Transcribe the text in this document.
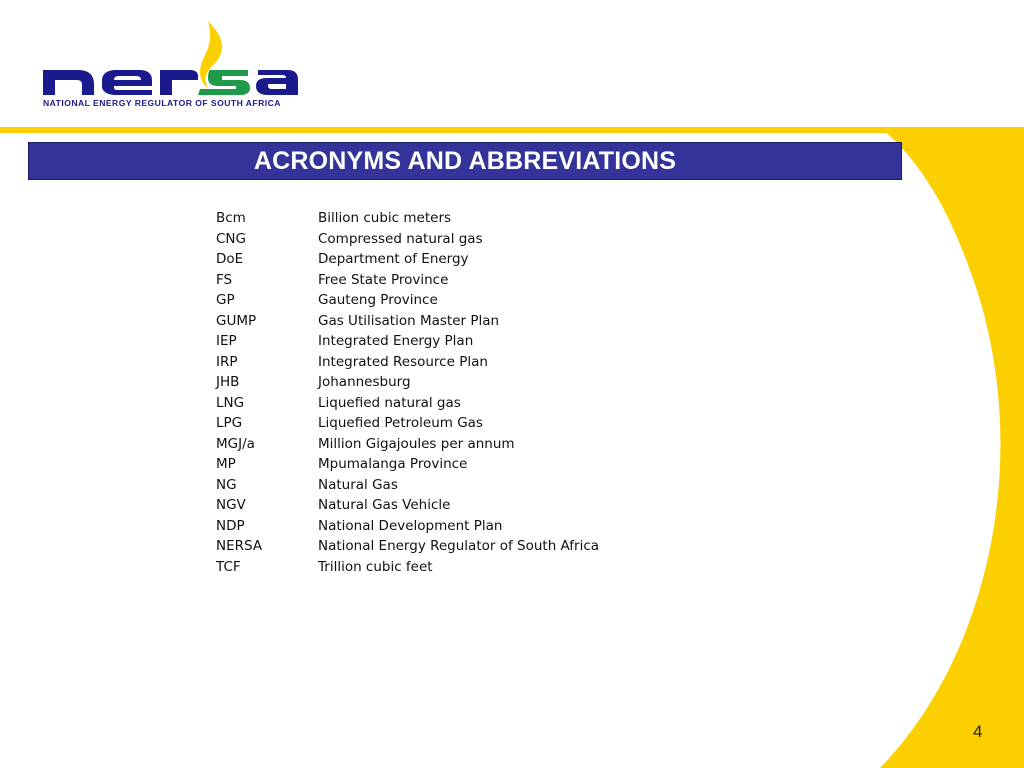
NATIONAL ENERGY REGULATOR OF SOUTH AFRICA
ACRONYMS AND ABBREVIATIONS
Bcm	Billion cubic meters
CNG	Compressed natural gas
DoE	Department of Energy
FS	Free State Province
GP	Gauteng Province
GUMP	Gas Utilisation Master Plan
IEP	Integrated Energy Plan
IRP	Integrated Resource Plan
JHB	Johannesburg
LNG	Liquefied natural gas
LPG	Liquefied Petroleum Gas
MGJ/a	Million Gigajoules per annum
MP	Mpumalanga Province
NG	Natural Gas
NGV	Natural Gas Vehicle
NDP	National Development Plan
NERSA	National Energy Regulator of South Africa
TCF	Trillion cubic feet
4
